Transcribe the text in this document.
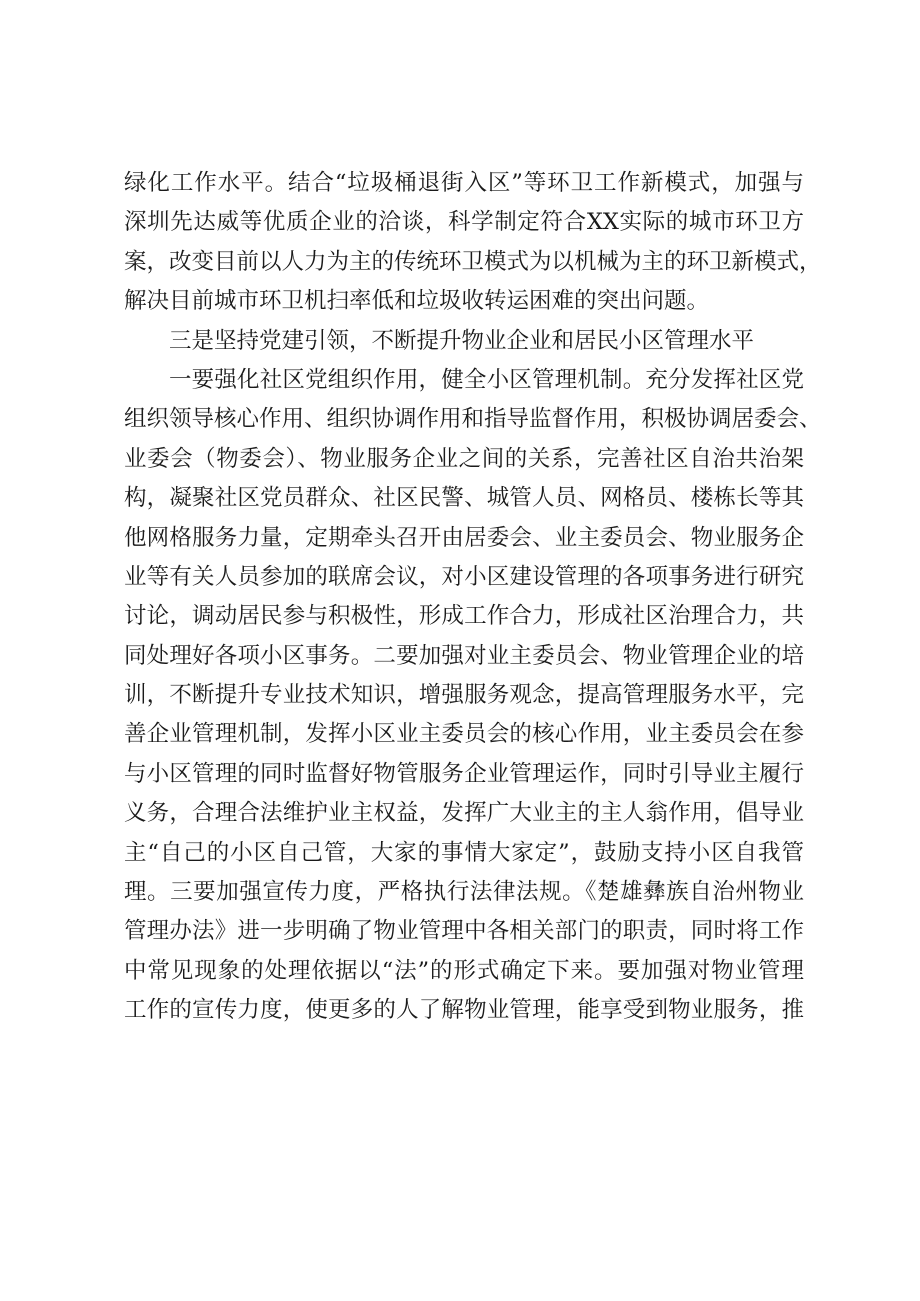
绿化工作水平。结合“垃圾桶退街入区”等环卫工作新模式，加强与
深圳先达威等优质企业的洽谈，科学制定符合XX实际的城市环卫方
案，改变目前以人力为主的传统环卫模式为以机械为主的环卫新模式，
解决目前城市环卫机扫率低和垃圾收转运困难的突出问题。
三是坚持党建引领，不断提升物业企业和居民小区管理水平
一要强化社区党组织作用，健全小区管理机制。充分发挥社区党
组织领导核心作用、组织协调作用和指导监督作用，积极协调居委会、
业委会（物委会）、物业服务企业之间的关系，完善社区自治共治架
构，凝聚社区党员群众、社区民警、城管人员、网格员、楼栋长等其
他网格服务力量，定期牵头召开由居委会、业主委员会、物业服务企
业等有关人员参加的联席会议，对小区建设管理的各项事务进行研究
讨论，调动居民参与积极性，形成工作合力，形成社区治理合力，共
同处理好各项小区事务。二要加强对业主委员会、物业管理企业的培
训，不断提升专业技术知识，增强服务观念，提高管理服务水平，完
善企业管理机制，发挥小区业主委员会的核心作用，业主委员会在参
与小区管理的同时监督好物管服务企业管理运作，同时引导业主履行
义务，合理合法维护业主权益，发挥广大业主的主人翁作用，倡导业
主“自己的小区自己管，大家的事情大家定”，鼓励支持小区自我管
理。三要加强宣传力度，严格执行法律法规。《楚雄彝族自治州物业
管理办法》进一步明确了物业管理中各相关部门的职责，同时将工作
中常见现象的处理依据以“法”的形式确定下来。要加强对物业管理
工作的宣传力度，使更多的人了解物业管理，能享受到物业服务，推
